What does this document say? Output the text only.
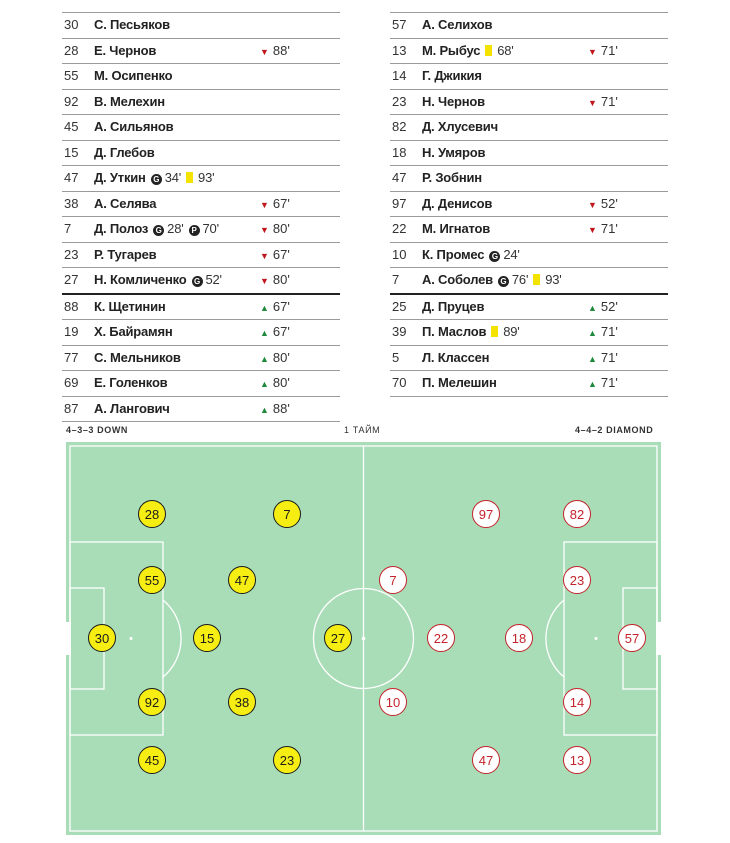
30	С. Песьяков
28	Е. Чернов	▼ 88'
55	М. Осипенко
92	В. Мелехин
45	А. Сильянов
15	Д. Глебов
47	Д. Уткин G 34' 93'
38	А. Селява	▼ 67'
7	Д. Полоз G 28' P 70'	▼ 80'
23	Р. Тугарев	▼ 67'
27	Н. Комличенко G 52'	▼ 80'
88	К. Щетинин	▲ 67'
19	Х. Байрамян	▲ 67'
77	С. Мельников	▲ 80'
69	Е. Голенков	▲ 80'
87	А. Лангович	▲ 88'
57	А. Селихов
13	М. Рыбус 68'	▼ 71'
14	Г. Джикия
23	Н. Чернов	▼ 71'
82	Д. Хлусевич
18	Н. Умяров
47	Р. Зобнин
97	Д. Денисов	▼ 52'
22	М. Игнатов	▼ 71'
10	К. Промес G 24'
7	А. Соболев G 76' 93'
25	Д. Пруцев	▲ 52'
39	П. Маслов 89'	▲ 71'
5	Л. Классен	▲ 71'
70	П. Мелешин	▲ 71'
4–3–3 DOWN	1 ТАЙМ	4–4–2 DIAMOND
30
28
55
92
45
15
47
38
7
27
23
57
82
23
14
13
18
97
47
22
7
10
